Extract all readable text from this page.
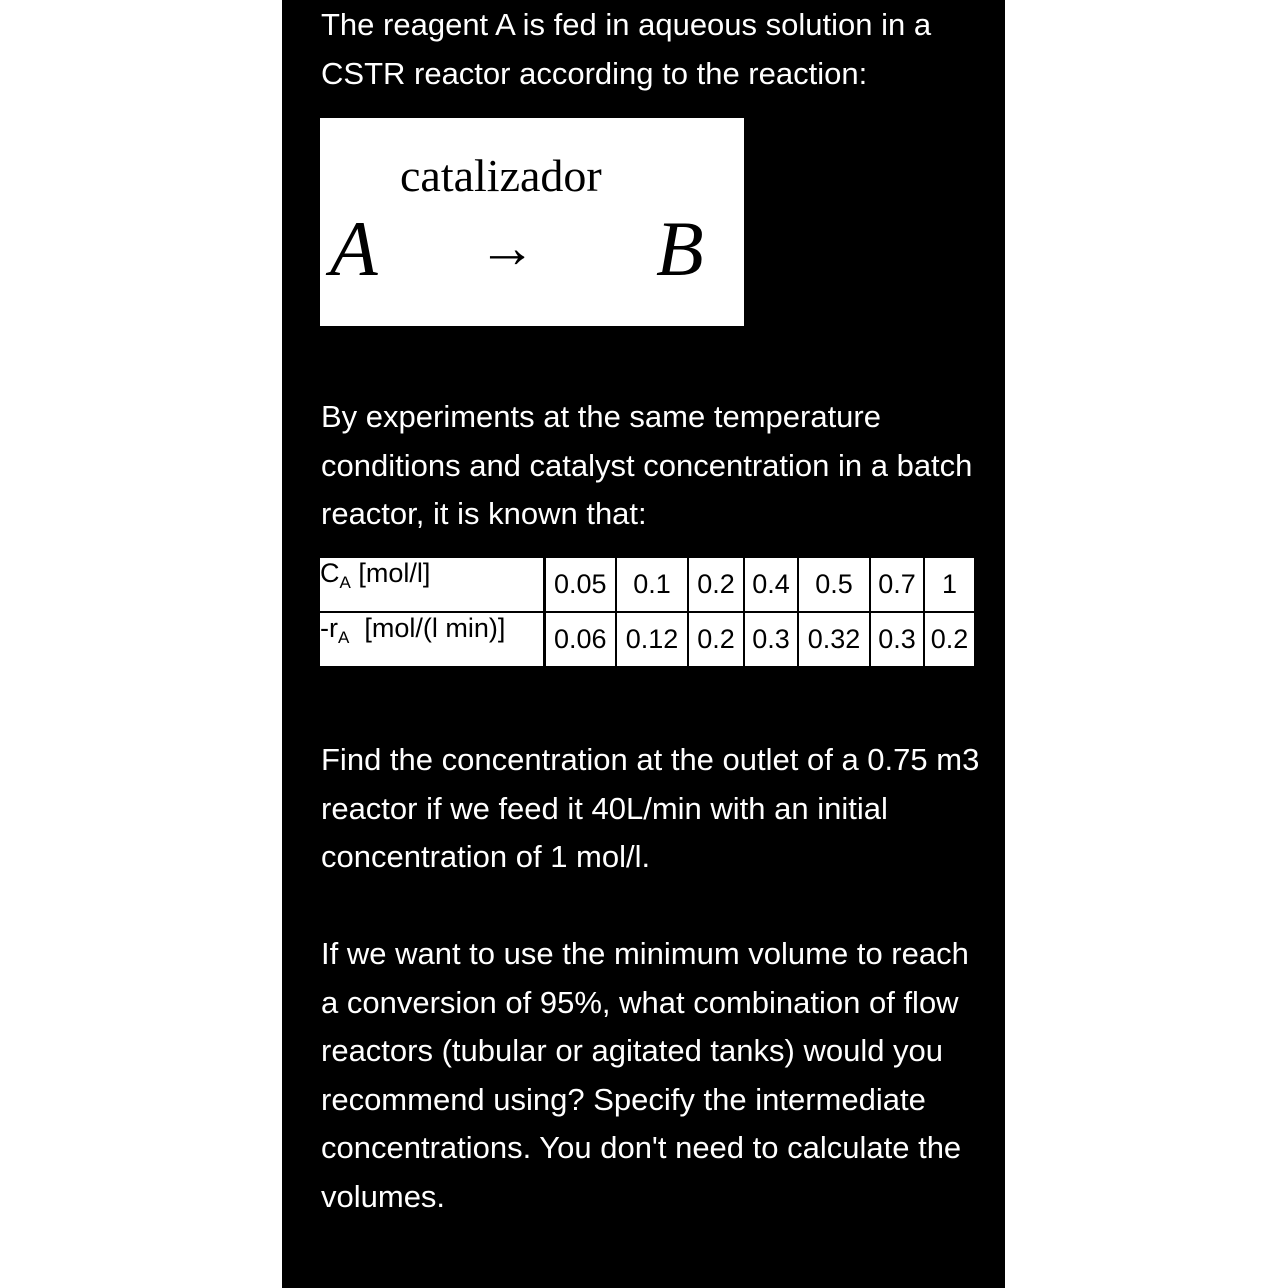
The reagent A is fed in aqueous solution in a CSTR reactor according to the reaction:
catalizador
A → B
By experiments at the same temperature conditions and catalyst concentration in a batch reactor, it is known that:
$C_A$ [mol/l]	0.05	0.1	0.2	0.4	0.5	0.7	1
$-r_A$  [mol/(l min)]	0.06	0.12	0.2	0.3	0.32	0.3	0.2
Find the concentration at the outlet of a 0.75 m3 reactor if we feed it 40L/min with an initial concentration of 1 mol/l.
If we want to use the minimum volume to reach a conversion of 95%, what combination of flow reactors (tubular or agitated tanks) would you recommend using? Specify the intermediate concentrations. You don't need to calculate the volumes.
